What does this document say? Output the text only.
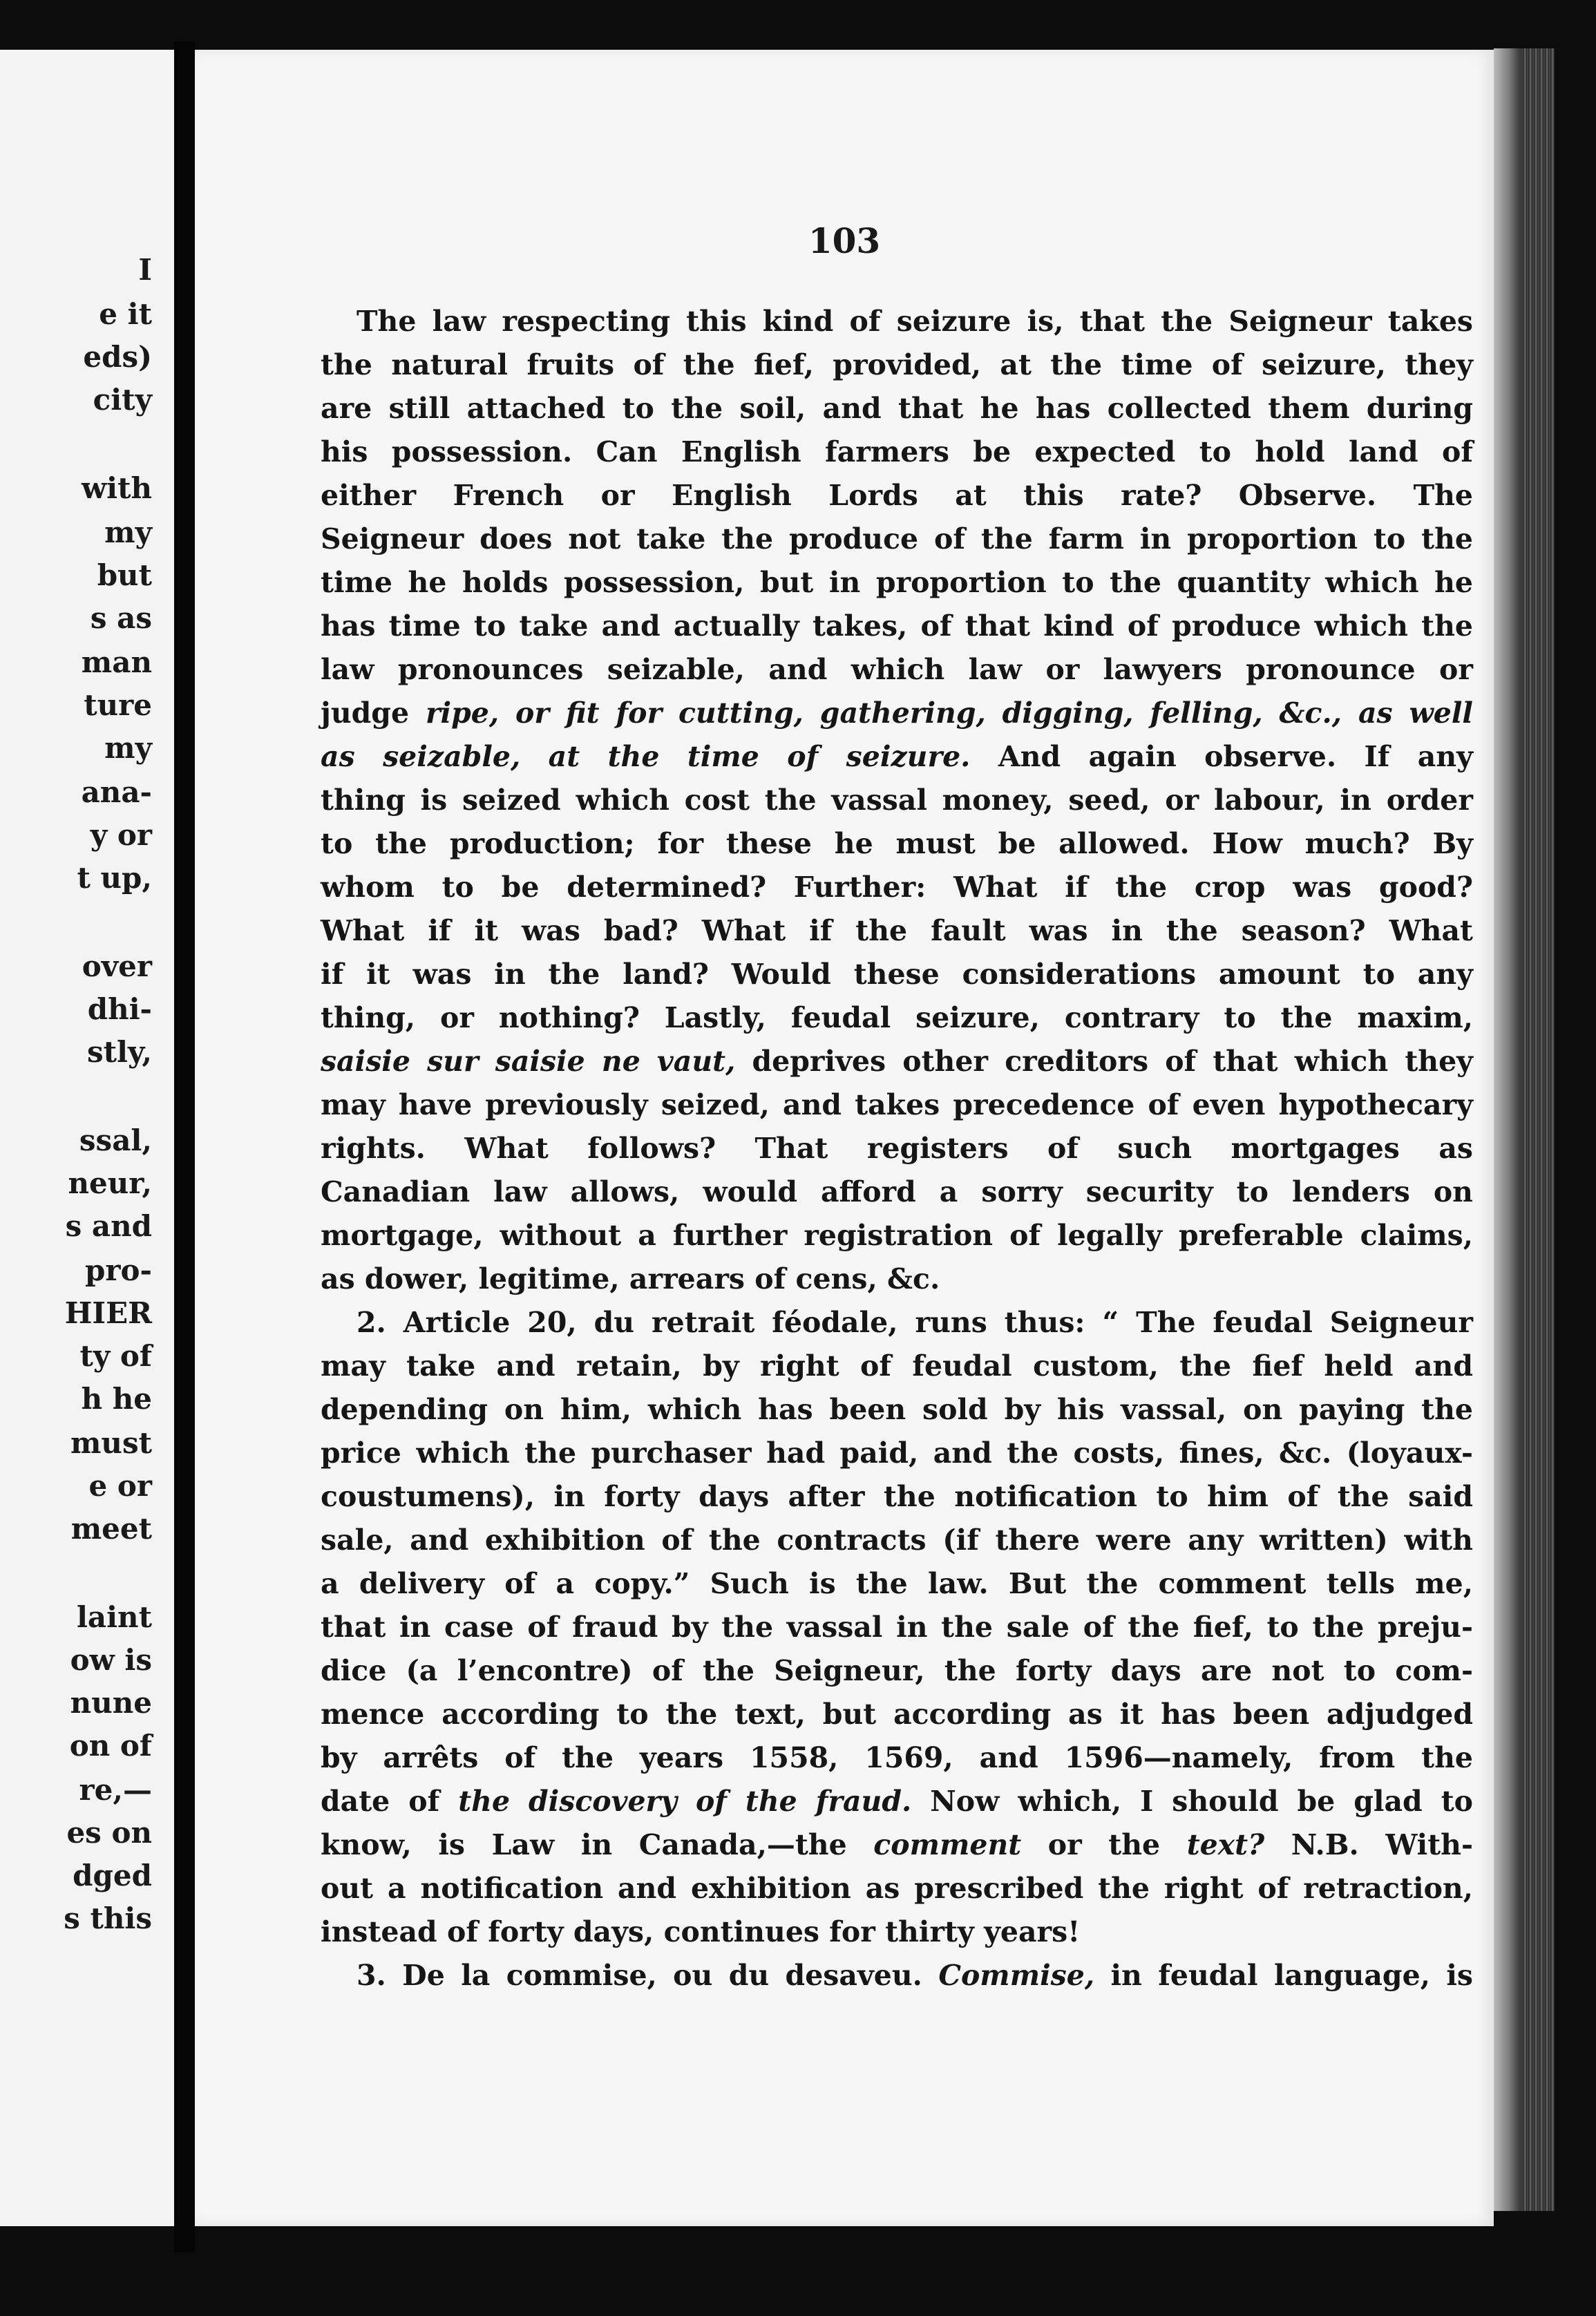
I
e it
eds)
city
with
my
but
s as
man
ture
my
ana-
y or
t up,
over
dhi-
stly,
ssal,
neur,
s and
pro-
HIER
ty of
h he
must
e or
meet
laint
ow is
nune
on of
re,—
es on
dged
s this
103
The law respecting this kind of seizure is, that the Seigneur takes
the natural fruits of the fief, provided, at the time of seizure, they
are still attached to the soil, and that he has collected them during
his possession. Can English farmers be expected to hold land of
either French or English Lords at this rate? Observe. The
Seigneur does not take the produce of the farm in proportion to the
time he holds possession, but in proportion to the quantity which he
has time to take and actually takes, of that kind of produce which the
law pronounces seizable, and which law or lawyers pronounce or
judge ripe, or fit for cutting, gathering, digging, felling, &c., as well
as seizable, at the time of seizure. And again observe. If any
thing is seized which cost the vassal money, seed, or labour, in order
to the production; for these he must be allowed. How much? By
whom to be determined? Further: What if the crop was good?
What if it was bad? What if the fault was in the season? What
if it was in the land? Would these considerations amount to any
thing, or nothing? Lastly, feudal seizure, contrary to the maxim,
saisie sur saisie ne vaut, deprives other creditors of that which they
may have previously seized, and takes precedence of even hypothecary
rights. What follows? That registers of such mortgages as
Canadian law allows, would afford a sorry security to lenders on
mortgage, without a further registration of legally preferable claims,
as dower, legitime, arrears of cens, &c.
2. Article 20, du retrait féodale, runs thus: “ The feudal Seigneur
may take and retain, by right of feudal custom, the fief held and
depending on him, which has been sold by his vassal, on paying the
price which the purchaser had paid, and the costs, fines, &c. (loyaux-
coustumens), in forty days after the notification to him of the said
sale, and exhibition of the contracts (if there were any written) with
a delivery of a copy.” Such is the law. But the comment tells me,
that in case of fraud by the vassal in the sale of the fief, to the preju-
dice (a l’encontre) of the Seigneur, the forty days are not to com-
mence according to the text, but according as it has been adjudged
by arrêts of the years 1558, 1569, and 1596—namely, from the
date of the discovery of the fraud. Now which, I should be glad to
know, is Law in Canada,—the comment or the text? N.B. With-
out a notification and exhibition as prescribed the right of retraction,
instead of forty days, continues for thirty years!
3. De la commise, ou du desaveu. Commise, in feudal language, is
